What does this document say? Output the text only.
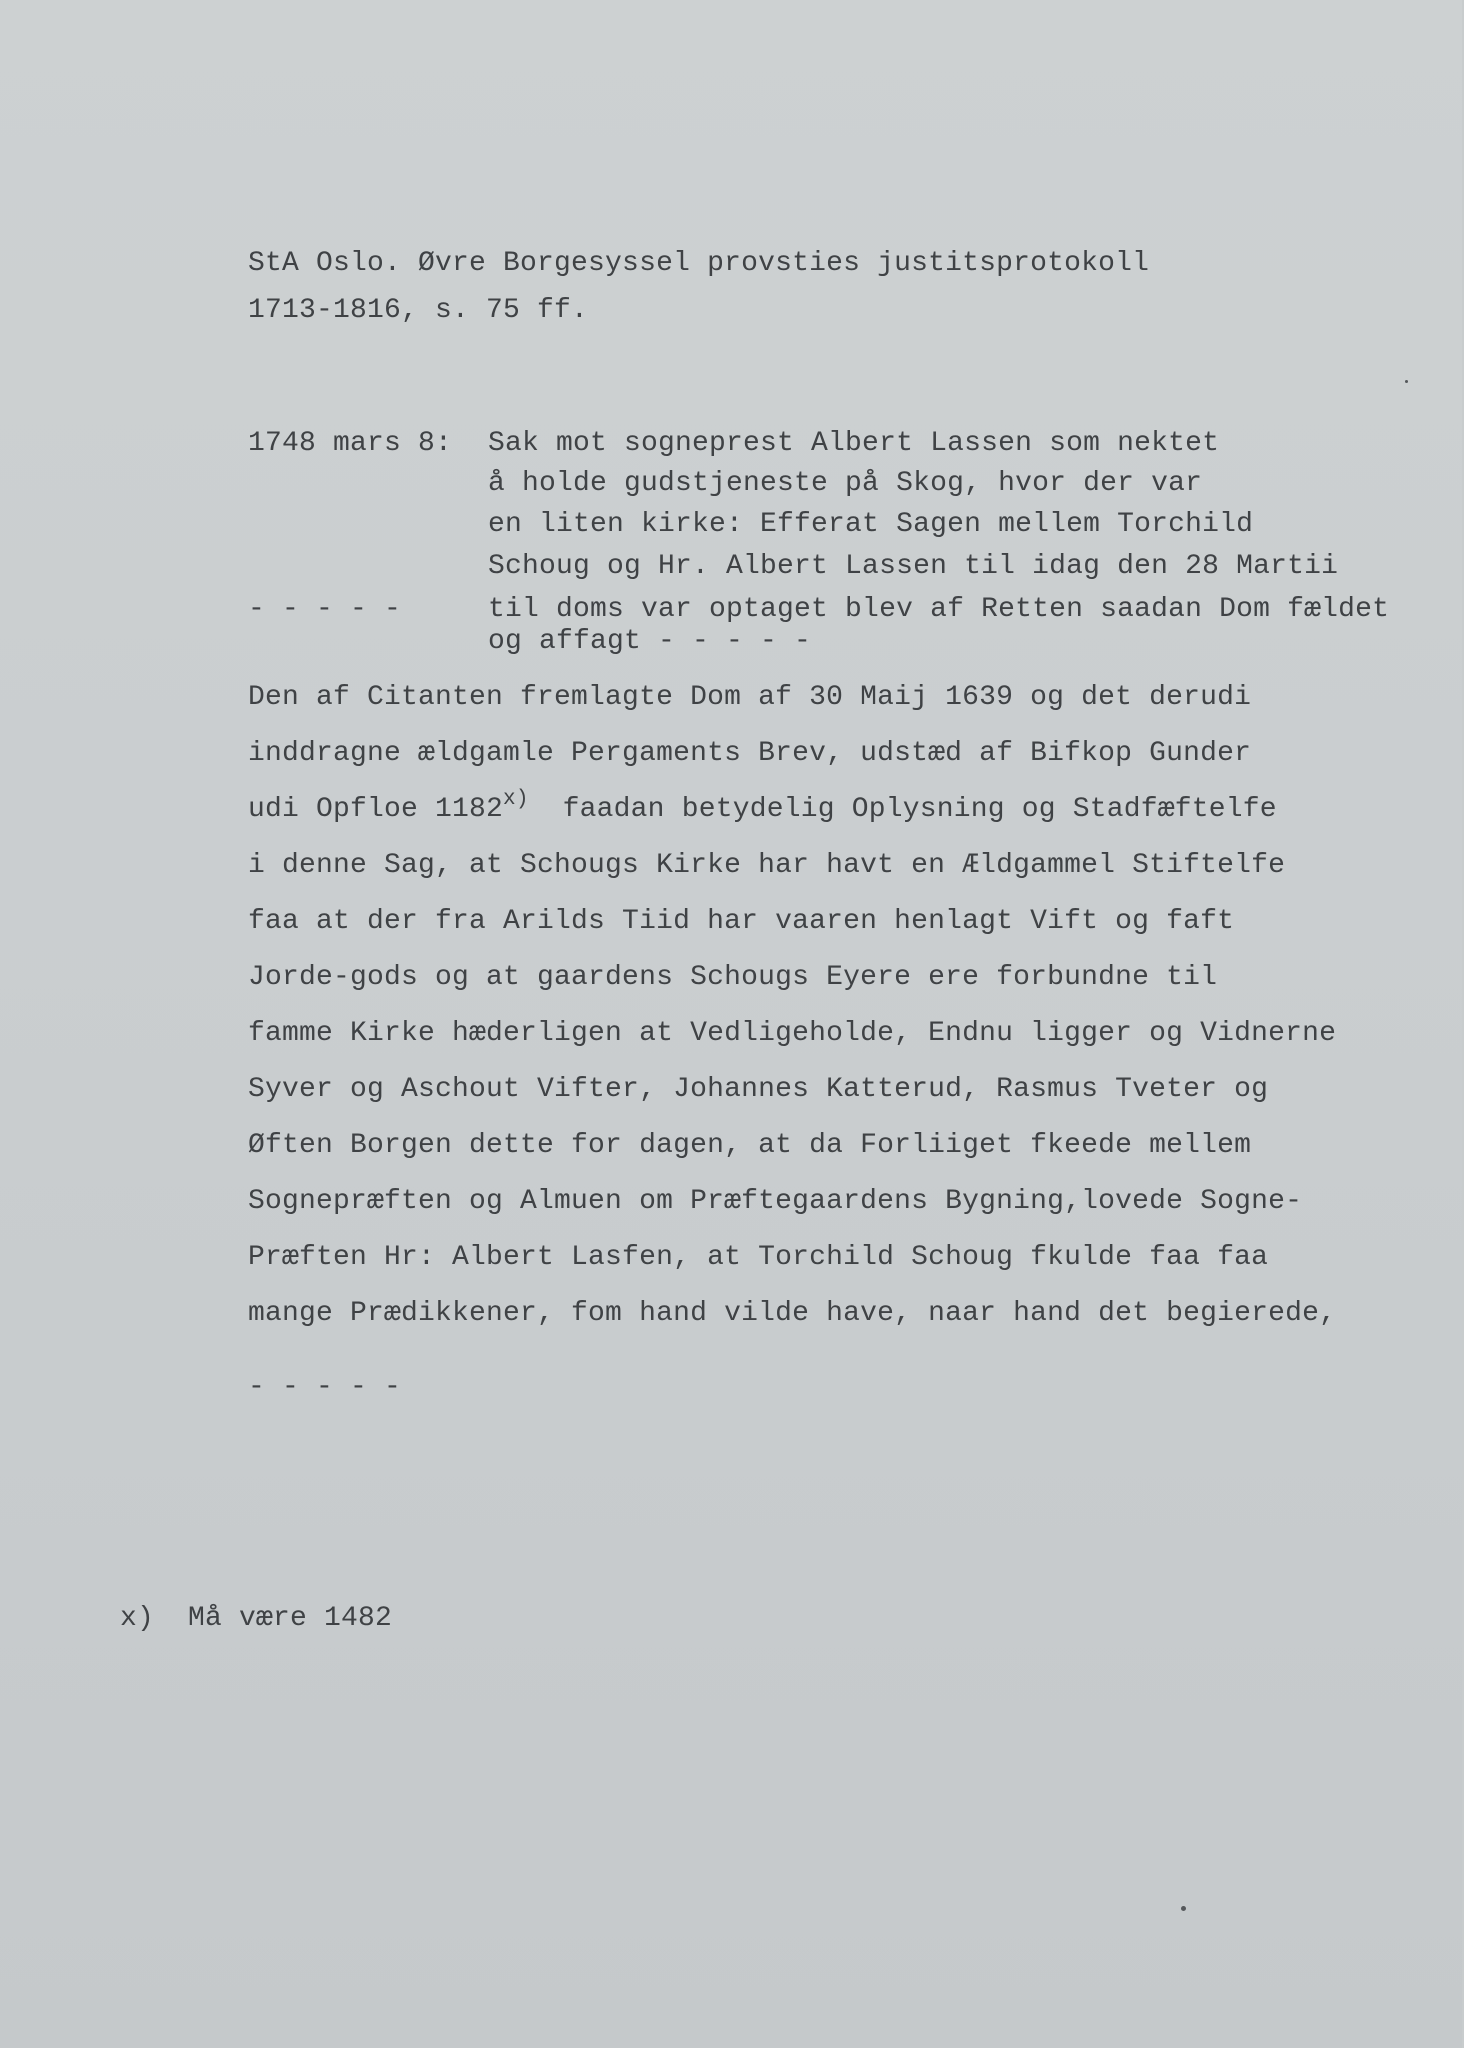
StA Oslo. Øvre Borgesyssel provsties justitsprotokoll
1713-1816, s. 75 ff.
1748 mars 8: Sak mot sogneprest Albert Lassen som nektet
å holde gudstjeneste på Skog, hvor der var
en liten kirke: Efferat Sagen mellem Torchild
Schoug og Hr. Albert Lassen til idag den 28 Martii
- - - - -	til doms var optaget blev af Retten saadan Dom fældet
og affagt - - - - -
Den af Citanten fremlagte Dom af 30 Maij 1639 og det derudi
inddragne ældgamle Pergaments Brev, udstæd af Bifkop Gunder
udi Opfloe 1182$^{x)}$ faadan betydelig Oplysning og Stadfæftelfe
i denne Sag, at Schougs Kirke har havt en Ældgammel Stiftelfe
faa at der fra Arilds Tiid har vaaren henlagt Vift og faft
Jorde-gods og at gaardens Schougs Eyere ere forbundne til
famme Kirke hæderligen at Vedligeholde, Endnu ligger og Vidnerne
Syver og Aschout Vifter, Johannes Katterud, Rasmus Tveter og
Øften Borgen dette for dagen, at da Forliiget fkeede mellem
Sognepræften og Almuen om Præftegaardens Bygning,lovede Sogne-
Præften Hr: Albert Lasfen, at Torchild Schoug fkulde faa faa
mange Prædikkener, fom hand vilde have, naar hand det begierede,
- - - - -
x)  Må være 1482
